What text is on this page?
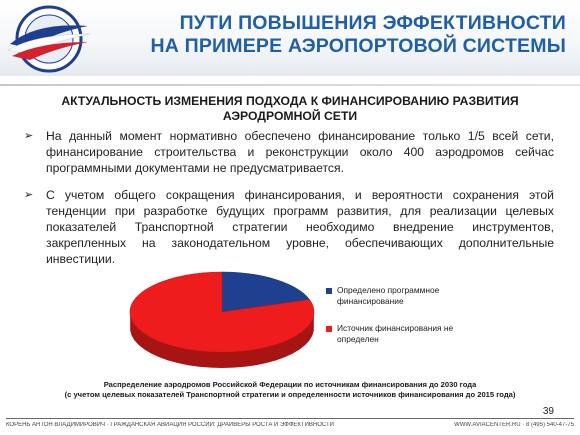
ПУТИ ПОВЫШЕНИЯ ЭФФЕКТИВНОСТИ
НА ПРИМЕРЕ АЭРОПОРТОВОЙ СИСТЕМЫ
АКТУАЛЬНОСТЬ ИЗМЕНЕНИЯ ПОДХОДА К ФИНАНСИРОВАНИЮ РАЗВИТИЯ
АЭРОДРОМНОЙ СЕТИ
➢ На данный момент нормативно обеспечено финансирование только 1/5 всей сети, финансирование строительства и реконструкции около 400 аэродромов сейчас программными документами не предусматривается.
➢ С учетом общего сокращения финансирования, и вероятности сохранения этой тенденции при разработке будущих программ развития, для реализации целевых показателей Транспортной стратегии необходимо внедрение инструментов, закрепленных на законодательном уровне, обеспечивающих дополнительные инвестиции.
Определено программное
финансирование
Источник финансирования не
определен
Распределение аэродромов Российской Федерации по источникам финансирования до 2030 года
(с учетом целевых показателей Транспортной стратегии и определенности источников финансирования до 2015 года)
39
КОРЕНЬ АНТОН ВЛАДИМИРОВИЧ · ГРАЖДАНСКАЯ АВИАЦИЯ РОССИИ: ДРАЙВЕРЫ РОСТА И ЭФФЕКТИВНОСТИ	WWW.AVIACENTER.RU · 8 (495) 540-47-75
